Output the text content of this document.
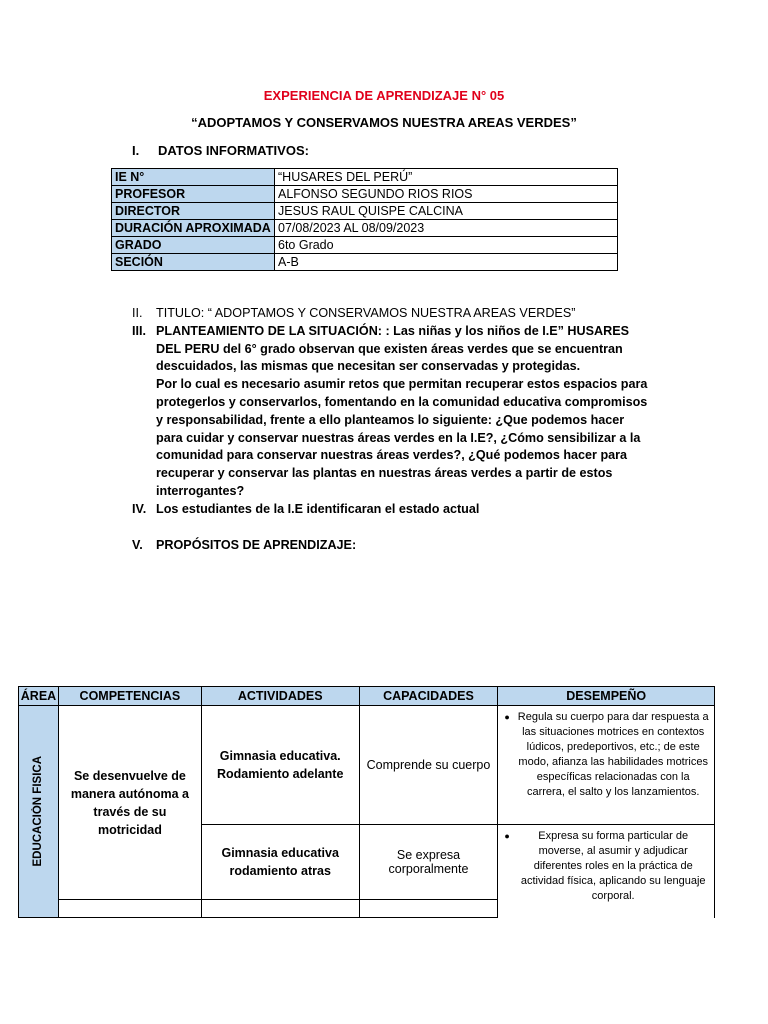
EXPERIENCIA DE APRENDIZAJE N° 05
“ADOPTAMOS Y CONSERVAMOS NUESTRA AREAS VERDES”
I. DATOS INFORMATIVOS:
IE N°	“HUSARES DEL PERÚ”
PROFESOR	ALFONSO SEGUNDO RIOS RIOS
DIRECTOR	JESUS RAUL QUISPE CALCINA
DURACIÓN APROXIMADA	07/08/2023 AL 08/09/2023
GRADO	6to Grado
SECIÓN	A-B
II. TITULO: “ ADOPTAMOS Y CONSERVAMOS NUESTRA AREAS VERDES”
III. PLANTEAMIENTO DE LA SITUACIÓN: : Las niñas y los niños de I.E” HUSARES DEL PERU del 6° grado observan que existen áreas verdes que se encuentran descuidados, las mismas que necesitan ser conservadas y protegidas.
Por lo cual es necesario asumir retos que permitan recuperar estos espacios para protegerlos y conservarlos, fomentando en la comunidad educativa compromisos y responsabilidad, frente a ello planteamos lo siguiente: ¿Que podemos hacer para cuidar y conservar nuestras áreas verdes en la I.E?, ¿Cómo sensibilizar a la comunidad para conservar nuestras áreas verdes?, ¿Qué podemos hacer para recuperar y conservar las plantas en nuestras áreas verdes a partir de estos interrogantes?
IV. Los estudiantes de la I.E identificaran el estado actual
V. PROPÓSITOS DE APRENDIZAJE:
ÁREA	COMPETENCIAS	ACTIVIDADES	CAPACIDADES	DESEMPEÑO

EDUCACIÓN FISICA	Se desenvuelve de manera autónoma a través de su motricidad	Gimnasia educativa. Rodamiento adelante	Comprende su cuerpo	● Regula su cuerpo para dar respuesta a las situaciones motrices en contextos lúdicos, predeportivos, etc.; de este modo, afianza las habilidades motrices específicas relacionadas con la carrera, el salto y los lanzamientos.
		Gimnasia educativa rodamiento atras	Se expresa corporalmente	● Expresa su forma particular de moverse, al asumir y adjudicar diferentes roles en la práctica de actividad física, aplicando su lenguaje corporal.
